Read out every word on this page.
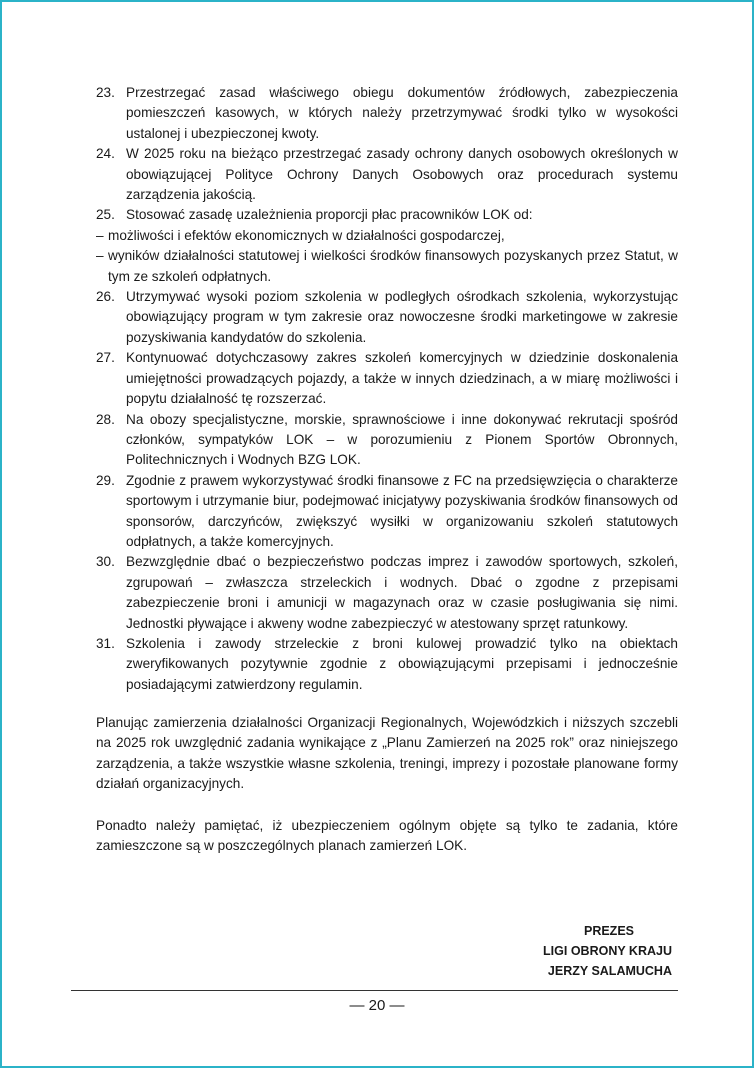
23. Przestrzegać zasad właściwego obiegu dokumentów źródłowych, zabezpieczenia pomieszczeń kasowych, w których należy przetrzymywać środki tylko w wysokości ustalonej i ubezpieczonej kwoty.
24. W 2025 roku na bieżąco przestrzegać zasady ochrony danych osobowych określonych w obowiązującej Polityce Ochrony Danych Osobowych oraz procedurach systemu zarządzenia jakością.
25. Stosować zasadę uzależnienia proporcji płac pracowników LOK od:
– możliwości i efektów ekonomicznych w działalności gospodarczej,
– wyników działalności statutowej i wielkości środków finansowych pozyskanych przez Statut, w tym ze szkoleń odpłatnych.
26. Utrzymywać wysoki poziom szkolenia w podległych ośrodkach szkolenia, wykorzystując obowiązujący program w tym zakresie oraz nowoczesne środki marketingowe w zakresie pozyskiwania kandydatów do szkolenia.
27. Kontynuować dotychczasowy zakres szkoleń komercyjnych w dziedzinie doskonalenia umiejętności prowadzących pojazdy, a także w innych dziedzinach, a w miarę możliwości i popytu działalność tę rozszerzać.
28. Na obozy specjalistyczne, morskie, sprawnościowe i inne dokonywać rekrutacji spośród członków, sympatyków LOK – w porozumieniu z Pionem Sportów Obronnych, Politechnicznych i Wodnych BZG LOK.
29. Zgodnie z prawem wykorzystywać środki finansowe z FC na przedsięwzięcia o charakterze sportowym i utrzymanie biur, podejmować inicjatywy pozyskiwania środków finansowych od sponsorów, darczyńców, zwiększyć wysiłki w organizowaniu szkoleń statutowych odpłatnych, a także komercyjnych.
30. Bezwzględnie dbać o bezpieczeństwo podczas imprez i zawodów sportowych, szkoleń, zgrupowań – zwłaszcza strzeleckich i wodnych. Dbać o zgodne z przepisami zabezpieczenie broni i amunicji w magazynach oraz w czasie posługiwania się nimi. Jednostki pływające i akweny wodne zabezpieczyć w atestowany sprzęt ratunkowy.
31. Szkolenia i zawody strzeleckie z broni kulowej prowadzić tylko na obiektach zweryfikowanych pozytywnie zgodnie z obowiązującymi przepisami i jednocześnie posiadającymi zatwierdzony regulamin.

Planując zamierzenia działalności Organizacji Regionalnych, Wojewódzkich i niższych szczebli na 2025 rok uwzględnić zadania wynikające z „Planu Zamierzeń na 2025 rok” oraz niniejszego zarządzenia, a także wszystkie własne szkolenia, treningi, imprezy i pozostałe planowane formy działań organizacyjnych.

Ponadto należy pamiętać, iż ubezpieczeniem ogólnym objęte są tylko te zadania, które zamieszczone są w poszczególnych planach zamierzeń LOK.

PREZES
LIGI OBRONY KRAJU
JERZY SALAMUCHA
— 20 —
